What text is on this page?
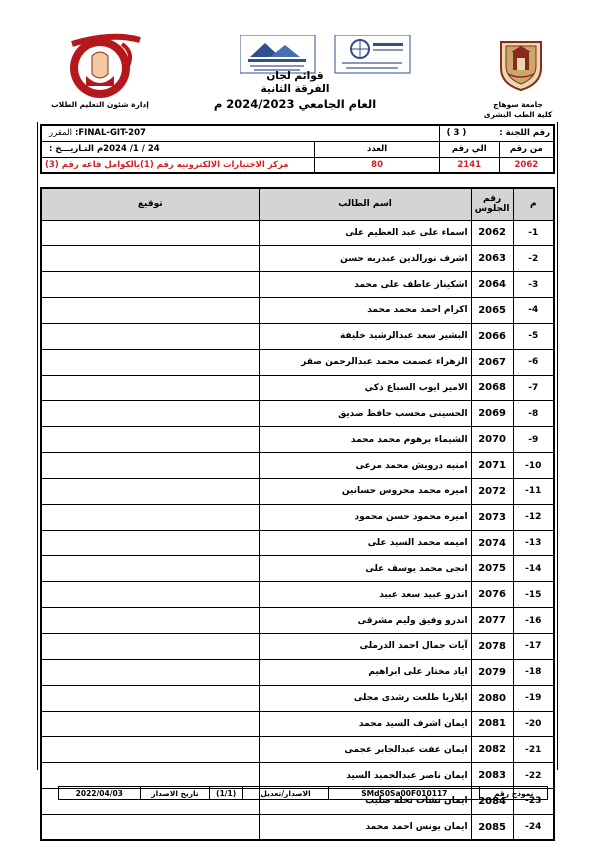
جامعة سوهاج
كلية الطب البشرى
قوائم لجان
الفرقة الثانية
العام الجامعي 2024/2023 م
إدارة شئون التعليم الطلاب
رقم اللجنة : ( 3 )		FINAL-GIT-207: المقرر	
من رقم	الي رقم	العدد	24 / 1/ 2024م التـاريـــخ :
2062	2141	80	مركز الاختبارات الالكترونيه رقم (1)بالكوامل قاعه رقم (3)
م	رقم الجلوس	اسم الطالب	توقيع
1-	2062	اسماء على عبد العظيم على	
2-	2063	اشرف نورالدين عبدربه حسن	
3-	2064	اشكيناز عاطف على محمد	
4-	2065	اكرام احمد محمد محمد	
5-	2066	البشير سعد عبدالرشيد خليفة	
6-	2067	الزهراء عصمت محمد عبدالرحمن صقر	
7-	2068	الامير ايوب السباع ذكي	
8-	2069	الحسينى محسب حافظ صديق	
9-	2070	الشيماء برهوم محمد محمد	
10-	2071	امنيه درويش محمد مرعى	
11-	2072	اميره محمد محروس حسانين	
12-	2073	اميره محمود حسن محمود	
13-	2074	اميمه محمد السيد على	
14-	2075	انجى محمد يوسف على	
15-	2076	اندرو عبيد سعد عبيد	
16-	2077	اندرو وفيق وليم مشرقى	
17-	2078	آيات جمال احمد الدرملى	
18-	2079	اياد مختار على ابراهيم	
19-	2080	ايلاريا طلعت رشدى مجلى	
20-	2081	ايمان اشرف السيد محمد	
21-	2082	ايمان عفت عبدالجابر عجمى	
22-	2083	ايمان ناصر عبدالحميد السيد	
23-	2084	ايمان نشات نخله صليب	
24-	2085	ايمان يونس احمد محمد	
نموذج رقم	SMdS0Sa00F010117	الاصدار/تعديل	(1/1)	تاريخ الاصدار	2022/04/03
